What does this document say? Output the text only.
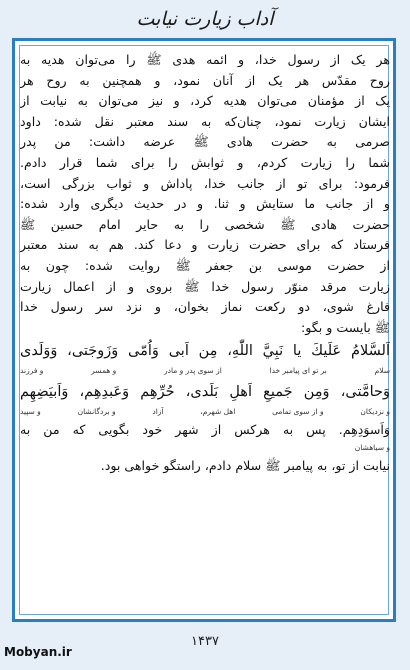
آداب زیارت نیابت
هر یک از رسول خدا، و ائمه هدی ﷺ را می‌توان هدیه به
روح مقدّس هر یک از آنان نمود، و همچنین به روح هر
یک از مؤمنان می‌توان هدیه کرد، و نیز می‌توان به نیابت از
ایشان زیارت نمود، چنان‌که به سند معتبر نقل شده: داود
صرمی به حضرت هادی ﷺ عرضه داشت: من پدر
شما را زیارت کردم، و ثوابش را برای شما قرار دادم.
فرمود: برای تو از جانب خدا، پاداش و ثواب بزرگی است،
و از جانب ما ستایش و ثنا. و در حدیث دیگری وارد شده:
حضرت هادی ﷺ شخصی را به حایر امام حسین ﷺ
فرستاد که برای حضرت زیارت و دعا کند. هم به سند معتبر
از حضرت موسی بن جعفر ﷺ روایت شده: چون به
زیارت مرقد منوّر رسول خدا ﷺ بروی و از اعمال زیارت
فارغ شوی، دو رکعت نماز بخوان، و نزد سر رسول خدا
ﷺ بایست و بگو:
اَلسَّلامُ عَلَيكَ يا نَبِيَّ اللّٰهِ، مِن اَبى وَاُمّى وَزَوجَتى، وَوَلَدى
سلام
بر تو ای پیامبر خدا
از سوی پدر و مادر
و همسر
و فرزند
وَحامَّتى، وَمِن جَميعِ اَهلِ بَلَدى، حُرِّهِم وَعَبدِهِم، وَاَبيَضِهِم
و نزدیکان
و از سوی تمامی
اهل شهرم،
آزاد
و بردگانشان
و سپید
وَاَسوَدِهِم. پس به هرکس از شهر خود بگویی که من به
و سیاهشان
نیابت از تو، به پیامبر ﷺ سلام دادم، راستگو خواهی بود.
۱۴۳۷
Mobyan.ir
